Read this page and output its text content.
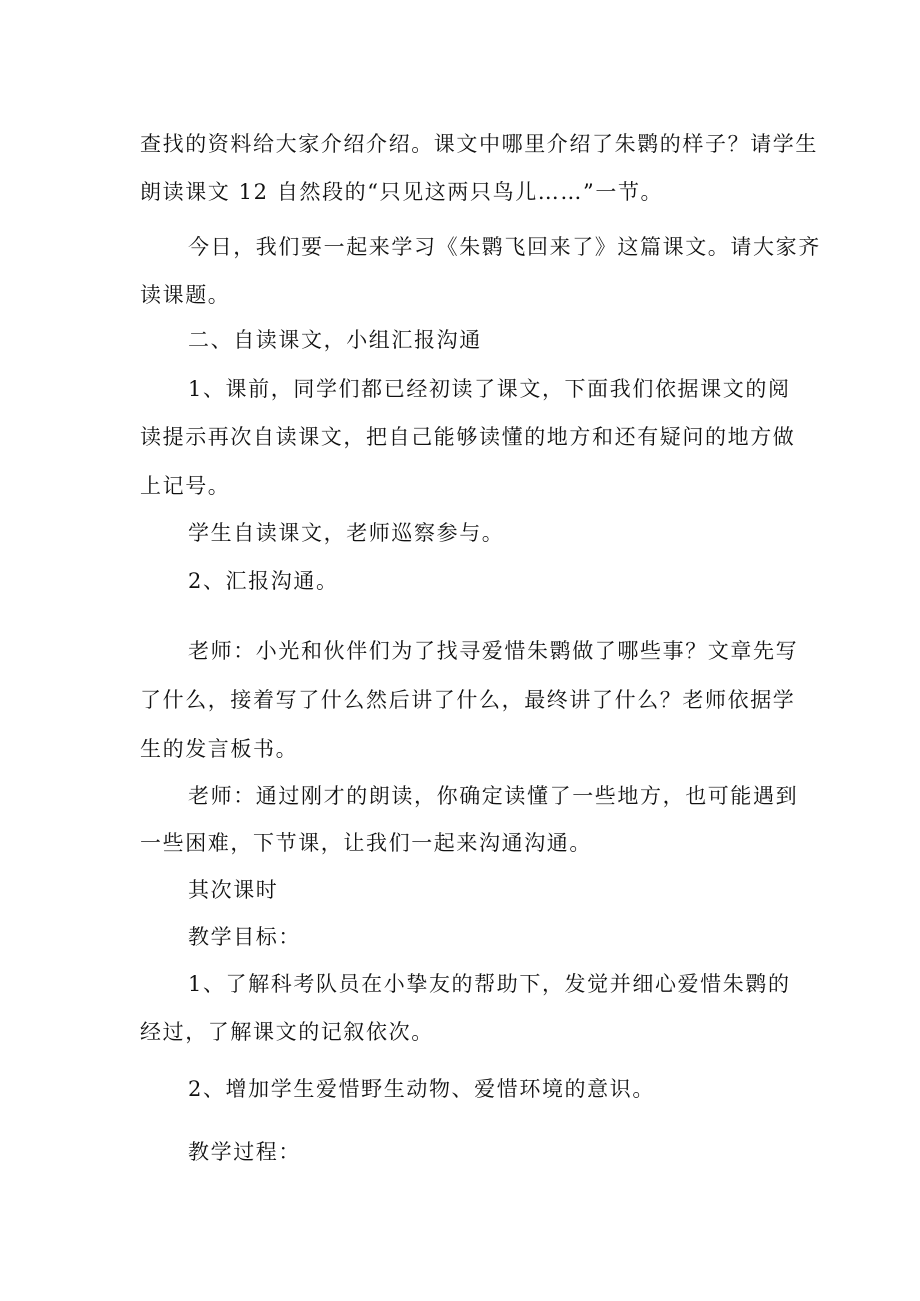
查找的资料给大家介绍介绍。课文中哪里介绍了朱鹮的样子？请学生

朗读课文 12 自然段的“只见这两只鸟儿……”一节。

今日，我们要一起来学习《朱鹮飞回来了》这篇课文。请大家齐

读课题。

二、自读课文，小组汇报沟通

1、课前，同学们都已经初读了课文，下面我们依据课文的阅

读提示再次自读课文，把自己能够读懂的地方和还有疑问的地方做

上记号。

学生自读课文，老师巡察参与。

2、汇报沟通。

老师：小光和伙伴们为了找寻爱惜朱鹮做了哪些事？文章先写

了什么，接着写了什么然后讲了什么，最终讲了什么？老师依据学

生的发言板书。

老师：通过刚才的朗读，你确定读懂了一些地方，也可能遇到

一些困难，下节课，让我们一起来沟通沟通。

其次课时

教学目标：

1、了解科考队员在小挚友的帮助下，发觉并细心爱惜朱鹮的

经过，了解课文的记叙依次。

2、增加学生爱惜野生动物、爱惜环境的意识。

教学过程：
